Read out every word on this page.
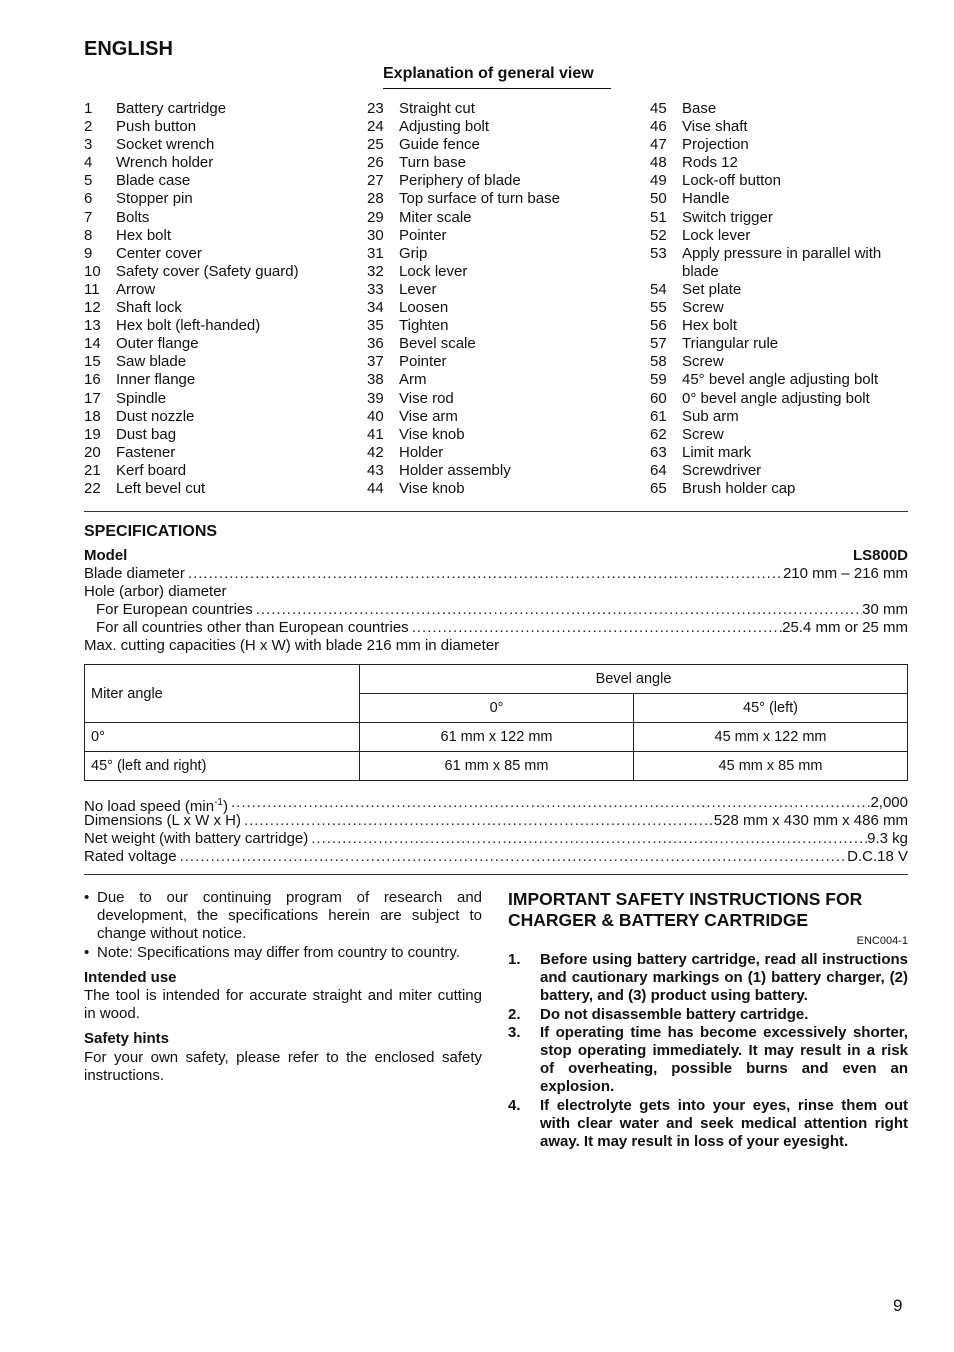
ENGLISH
Explanation of general view
1	Battery cartridge
2	Push button
3	Socket wrench
4	Wrench holder
5	Blade case
6	Stopper pin
7	Bolts
8	Hex bolt
9	Center cover
10	Safety cover (Safety guard)
11	Arrow
12	Shaft lock
13	Hex bolt (left-handed)
14	Outer flange
15	Saw blade
16	Inner flange
17	Spindle
18	Dust nozzle
19	Dust bag
20	Fastener
21	Kerf board
22	Left bevel cut
23	Straight cut
24	Adjusting bolt
25	Guide fence
26	Turn base
27	Periphery of blade
28	Top surface of turn base
29	Miter scale
30	Pointer
31	Grip
32	Lock lever
33	Lever
34	Loosen
35	Tighten
36	Bevel scale
37	Pointer
38	Arm
39	Vise rod
40	Vise arm
41	Vise knob
42	Holder
43	Holder assembly
44	Vise knob
45	Base
46	Vise shaft
47	Projection
48	Rods 12
49	Lock-off button
50	Handle
51	Switch trigger
52	Lock lever
53	Apply pressure in parallel with blade
54	Set plate
55	Screw
56	Hex bolt
57	Triangular rule
58	Screw
59	45° bevel angle adjusting bolt
60	0° bevel angle adjusting bolt
61	Sub arm
62	Screw
63	Limit mark
64	Screwdriver
65	Brush holder cap
SPECIFICATIONS
Model	LS800D
Blade diameter .....	210 mm – 216 mm
Hole (arbor) diameter
For European countries .....	30 mm
For all countries other than European countries .....	25.4 mm or 25 mm
Max. cutting capacities (H x W) with blade 216 mm in diameter
Miter angle	Bevel angle	
	0°	45° (left)
0°	61 mm x 122 mm	45 mm x 122 mm
45° (left and right)	61 mm x 85 mm	45 mm x 85 mm
No load speed $(\min^{-1})$ .....	2,000
Dimensions (L x W x H) .....	528 mm x 430 mm x 486 mm
Net weight (with battery cartridge) .....	9.3 kg
Rated voltage .....	D.C.18 V
• Due to our continuing program of research and development, the specifications herein are subject to change without notice.
• Note: Specifications may differ from country to country.
Intended use

The tool is intended for accurate straight and miter cutting in wood.

Safety hints

For your own safety, please refer to the enclosed safety instructions.

IMPORTANT SAFETY INSTRUCTIONS FOR CHARGER & BATTERY CARTRIDGE
ENC004-1
1.	Before using battery cartridge, read all instructions and cautionary markings on (1) battery charger, (2) battery, and (3) product using battery.
2.	Do not disassemble battery cartridge.
3.	If operating time has become excessively shorter, stop operating immediately. It may result in a risk of overheating, possible burns and even an explosion.
4.	If electrolyte gets into your eyes, rinse them out with clear water and seek medical attention right away. It may result in loss of your eyesight.
9
